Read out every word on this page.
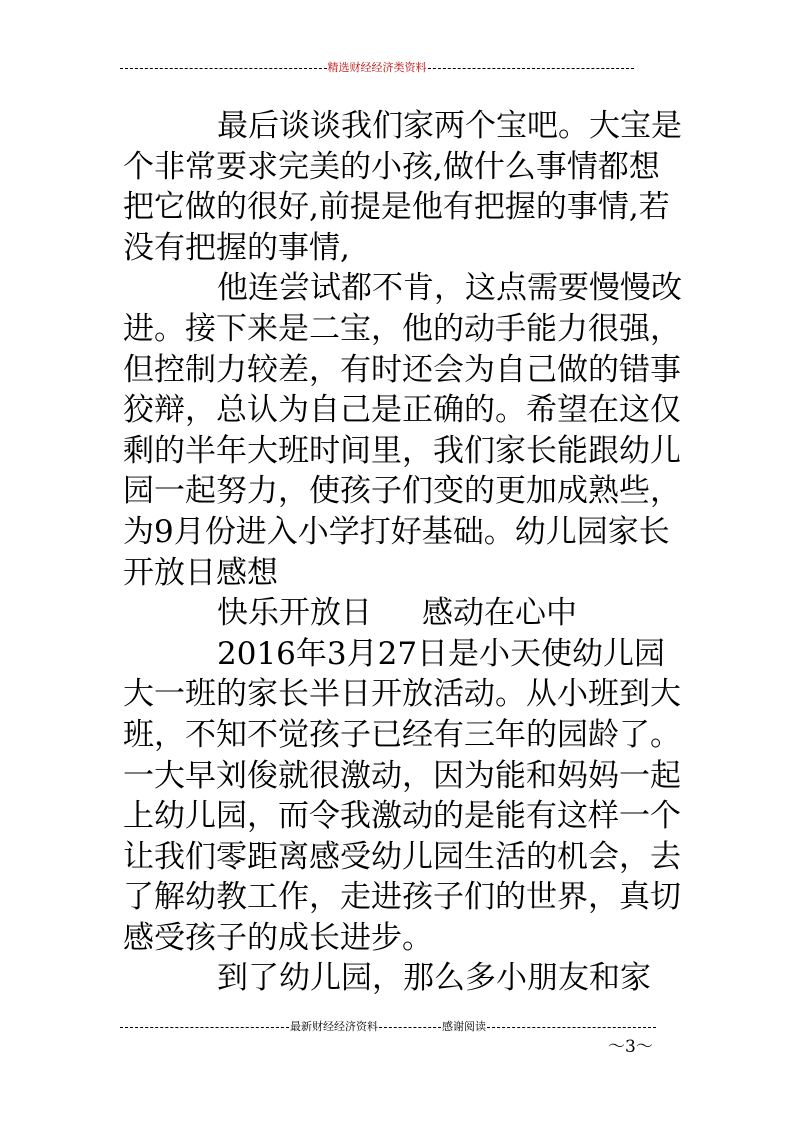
精选财经经济类资料

最后谈谈我们家两个宝吧。大宝是个非常要求完美的小孩,做什么事情都想把它做的很好,前提是他有把握的事情,若没有把握的事情,

他连尝试都不肯，这点需要慢慢改进。接下来是二宝，他的动手能力很强，但控制力较差，有时还会为自己做的错事狡辩，总认为自己是正确的。希望在这仅剩的半年大班时间里，我们家长能跟幼儿园一起努力，使孩子们变的更加成熟些，为9月份进入小学打好基础。幼儿园家长开放日感想

快乐开放日 感动在心中

2016年3月27日是小天使幼儿园大一班的家长半日开放活动。从小班到大班，不知不觉孩子已经有三年的园龄了。一大早刘俊就很激动，因为能和妈妈一起上幼儿园，而令我激动的是能有这样一个让我们零距离感受幼儿园生活的机会，去了解幼教工作，走进孩子们的世界，真切感受孩子的成长进步。

到了幼儿园，那么多小朋友和家

最新财经经济资料	感谢阅读
～3～
